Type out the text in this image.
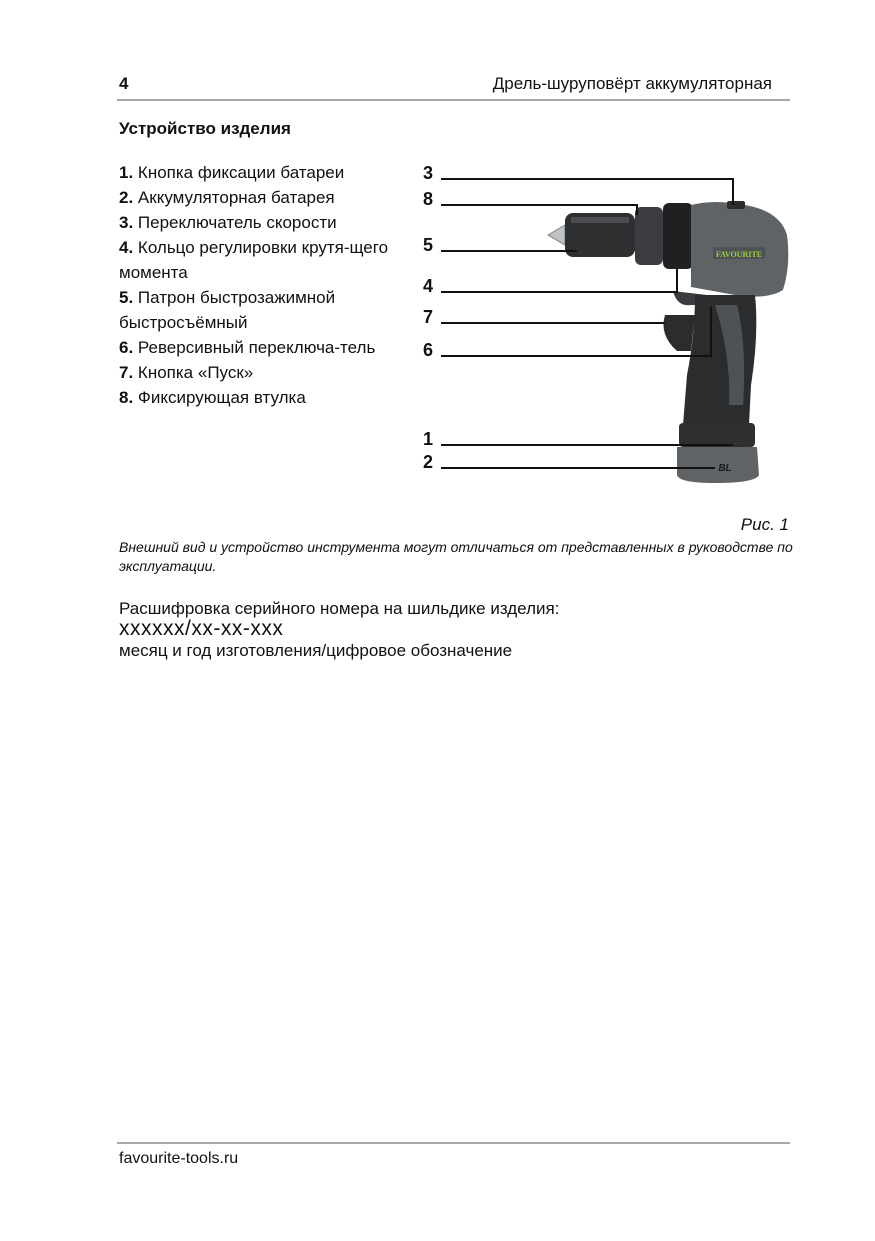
4	Дрель-шуруповёрт аккумуляторная
Устройство изделия
1. Кнопка фиксации батареи
2. Аккумуляторная батарея
3. Переключатель скорости
4. Кольцо регулировки крутя-щего момента
5. Патрон быстрозажимной быстросъёмный
6. Реверсивный переключа-тель
7. Кнопка «Пуск»
8. Фиксирующая втулка
FAVOURITE
BL
3
8
5
4
7
6
1
2
Рис. 1
Внешний вид и устройство инструмента могут отличаться от представленных в руководстве по эксплуатации.
Расшифровка серийного номера на шильдике изделия:
xxxxxx/xx-xx-xxx
месяц и год изготовления/цифровое обозначение
favourite-tools.ru
